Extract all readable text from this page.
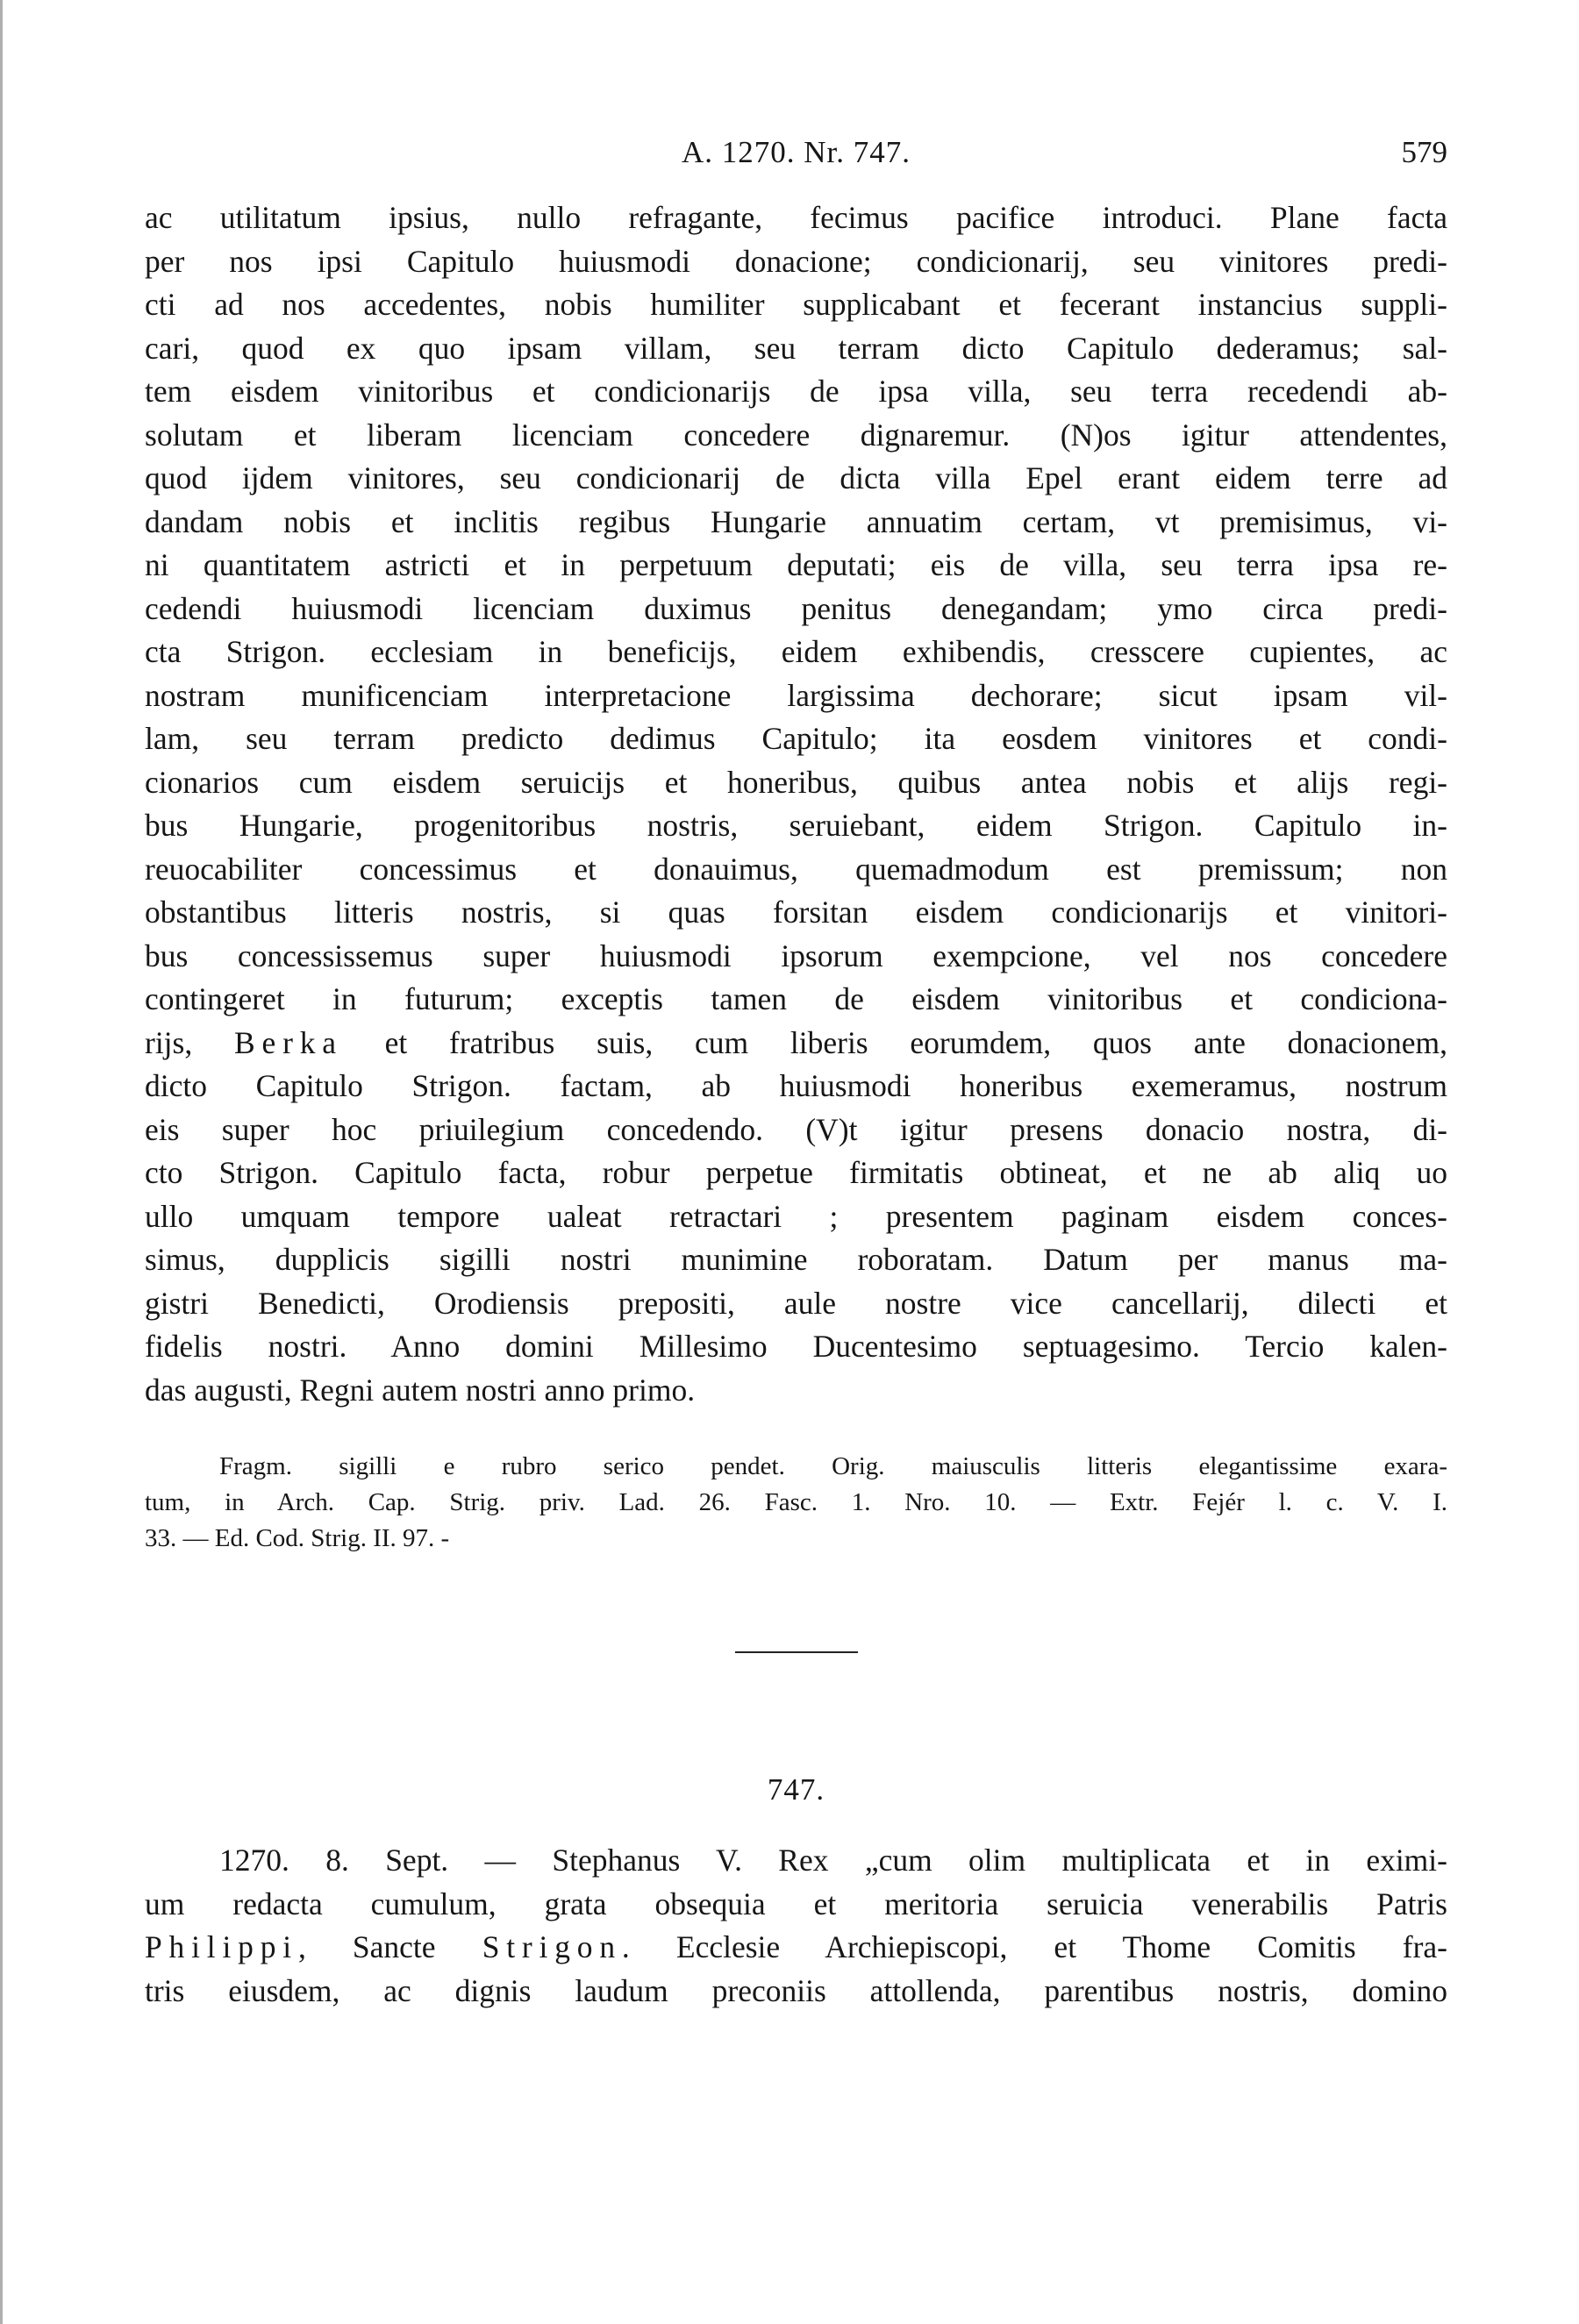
A. 1270. Nr. 747.	579
ac utilitatum ipsius, nullo refragante, fecimus pacifice introduci. Plane facta
per nos ipsi Capitulo huiusmodi donacione; condicionarij, seu vinitores predi-
cti ad nos accedentes, nobis humiliter supplicabant et fecerant instancius suppli-
cari, quod ex quo ipsam villam, seu terram dicto Capitulo dederamus; sal-
tem eisdem vinitoribus et condicionarijs de ipsa villa, seu terra recedendi ab-
solutam et liberam licenciam concedere dignaremur. (N)os igitur attendentes,
quod ijdem vinitores, seu condicionarij de dicta villa Epel erant eidem terre ad
dandam nobis et inclitis regibus Hungarie annuatim certam, vt premisimus, vi-
ni quantitatem astricti et in perpetuum deputati; eis de villa, seu terra ipsa re-
cedendi huiusmodi licenciam duximus penitus denegandam; ymo circa predi-
cta Strigon. ecclesiam in beneficijs, eidem exhibendis, cresscere cupientes, ac
nostram munificenciam interpretacione largissima dechorare; sicut ipsam vil-
lam, seu terram predicto dedimus Capitulo; ita eosdem vinitores et condi-
cionarios cum eisdem seruicijs et honeribus, quibus antea nobis et alijs regi-
bus Hungarie, progenitoribus nostris, seruiebant, eidem Strigon. Capitulo in-
reuocabiliter concessimus et donauimus, quemadmodum est premissum; non
obstantibus litteris nostris, si quas forsitan eisdem condicionarijs et vinitori-
bus concessissemus super huiusmodi ipsorum exempcione, vel nos concedere
contingeret in futurum; exceptis tamen de eisdem vinitoribus et condiciona-
rijs, Berka et fratribus suis, cum liberis eorumdem, quos ante donacionem,
dicto Capitulo Strigon. factam, ab huiusmodi honeribus exemeramus, nostrum
eis super hoc priuilegium concedendo. (V)t igitur presens donacio nostra, di-
cto Strigon. Capitulo facta, robur perpetue firmitatis obtineat, et ne ab aliq uo
ullo umquam tempore ualeat retractari ; presentem paginam eisdem conces-
simus, dupplicis sigilli nostri munimine roboratam. Datum per manus ma-
gistri Benedicti, Orodiensis prepositi, aule nostre vice cancellarij, dilecti et
fidelis nostri. Anno domini Millesimo Ducentesimo septuagesimo. Tercio kalen-
das augusti, Regni autem nostri anno primo.
Fragm. sigilli e rubro serico pendet. Orig. maiusculis litteris elegantissime exara-
tum, in Arch. Cap. Strig. priv. Lad. 26. Fasc. 1. Nro. 10. — Extr. Fejér l. c. V. I.
33. — Ed. Cod. Strig. II. 97. -
747.
1270. 8. Sept. — Stephanus V. Rex „cum olim multiplicata et in eximi-
um redacta cumulum, grata obsequia et meritoria seruicia venerabilis Patris
Philippi, Sancte Strigon. Ecclesie Archiepiscopi, et Thome Comitis fra-
tris eiusdem, ac dignis laudum preconiis attollenda, parentibus nostris, domino
